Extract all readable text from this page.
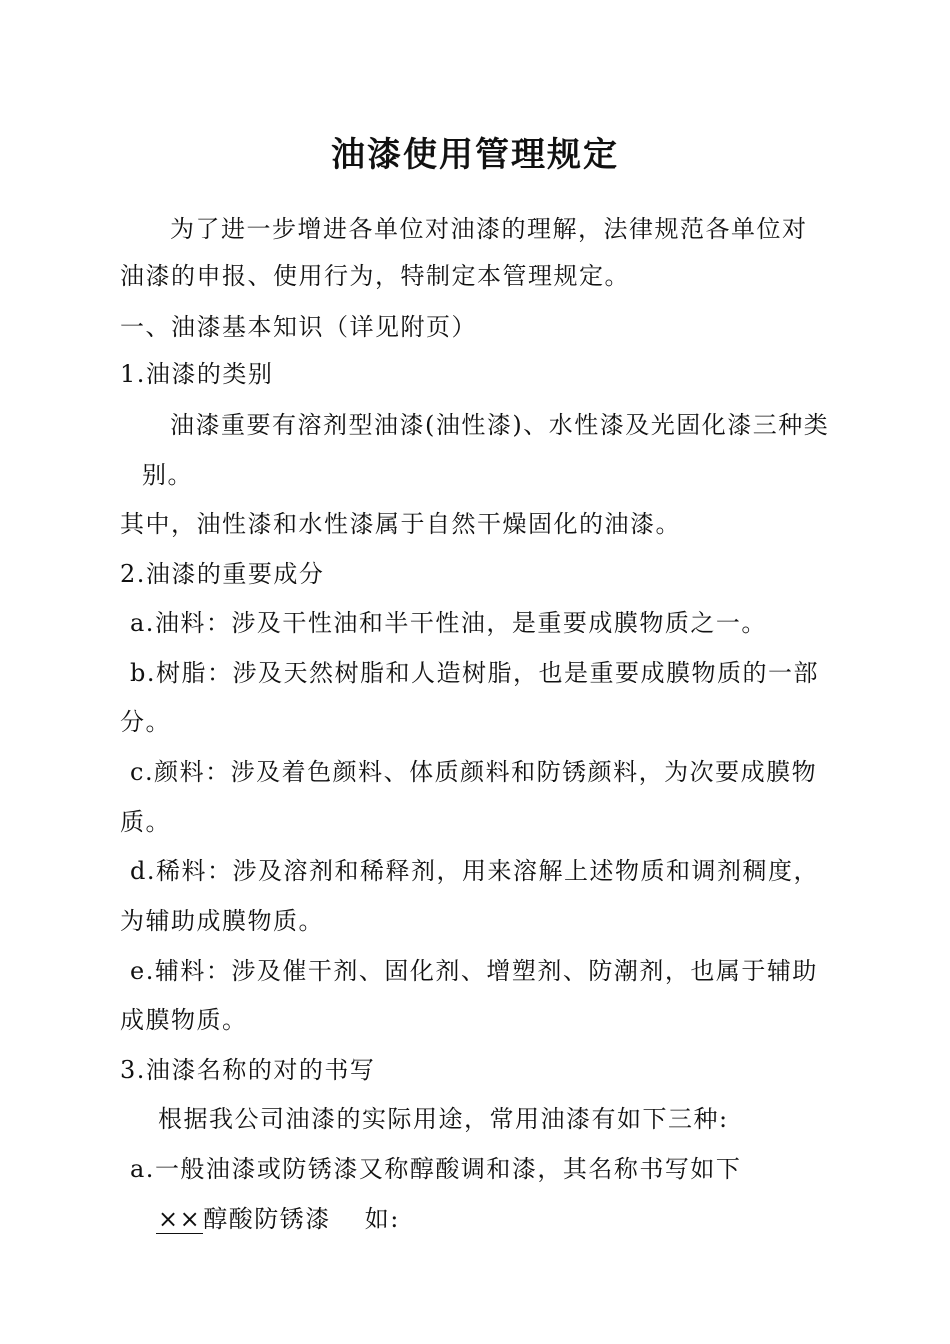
油漆使用管理规定
为了进一步增进各单位对油漆的理解，法律规范各单位对
油漆的申报、使用行为，特制定本管理规定。
一、油漆基本知识（详见附页）
1.油漆的类别
油漆重要有溶剂型油漆(油性漆)、水性漆及光固化漆三种类
别。
其中，油性漆和水性漆属于自然干燥固化的油漆。
2.油漆的重要成分
a.油料：涉及干性油和半干性油，是重要成膜物质之一。
b.树脂：涉及天然树脂和人造树脂，也是重要成膜物质的一部
分。
c.颜料：涉及着色颜料、体质颜料和防锈颜料，为次要成膜物
质。
d.稀料：涉及溶剂和稀释剂，用来溶解上述物质和调剂稠度，
为辅助成膜物质。
e.辅料：涉及催干剂、固化剂、增塑剂、防潮剂，也属于辅助
成膜物质。
3.油漆名称的对的书写
根据我公司油漆的实际用途，常用油漆有如下三种:
a.一般油漆或防锈漆又称醇酸调和漆，其名称书写如下
××醇酸防锈漆 如:
